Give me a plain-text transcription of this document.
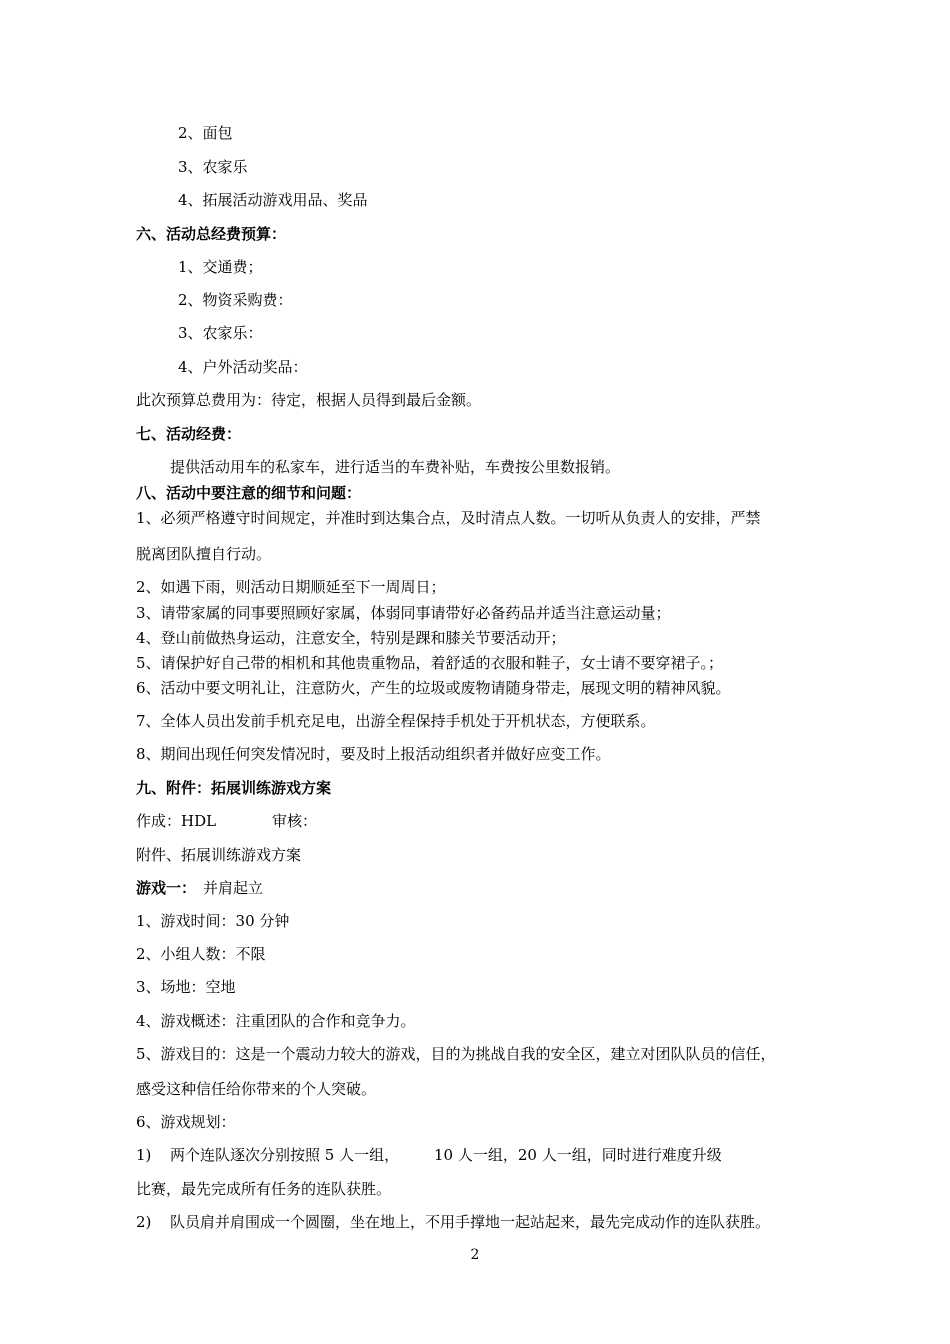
2、面包
3、农家乐
4、拓展活动游戏用品、奖品
六、活动总经费预算：
1、交通费；
2、物资采购费：
3、农家乐：
4、户外活动奖品：
此次预算总费用为：待定，根据人员得到最后金额。
七、活动经费：
提供活动用车的私家车，进行适当的车费补贴，车费按公里数报销。
八、活动中要注意的细节和问题：
1、必须严格遵守时间规定，并准时到达集合点，及时清点人数。一切听从负责人的安排，严禁
脱离团队擅自行动。
2、如遇下雨，则活动日期顺延至下一周周日；
3、请带家属的同事要照顾好家属，体弱同事请带好必备药品并适当注意运动量；
4、登山前做热身运动，注意安全，特别是踝和膝关节要活动开；
5、请保护好自己带的相机和其他贵重物品，着舒适的衣服和鞋子，女士请不要穿裙子。；
6、活动中要文明礼让，注意防火，产生的垃圾或废物请随身带走，展现文明的精神风貌。
7、全体人员出发前手机充足电，出游全程保持手机处于开机状态，方便联系。
8、期间出现任何突发情况时，要及时上报活动组织者并做好应变工作。
九、附件：拓展训练游戏方案
作成：HDL	审核：
附件、拓展训练游戏方案
游戏一： 并肩起立
1、游戏时间：30 分钟
2、小组人数：不限
3、场地：空地
4、游戏概述：注重团队的合作和竞争力。
5、游戏目的：这是一个震动力较大的游戏，目的为挑战自我的安全区，建立对团队队员的信任，
感受这种信任给你带来的个人突破。
6、游戏规划：
1) 两个连队逐次分别按照 5 人一组， 10 人一组，20 人一组，同时进行难度升级
比赛，最先完成所有任务的连队获胜。
2) 队员肩并肩围成一个圆圈，坐在地上，不用手撑地一起站起来，最先完成动作的连队获胜。
2
